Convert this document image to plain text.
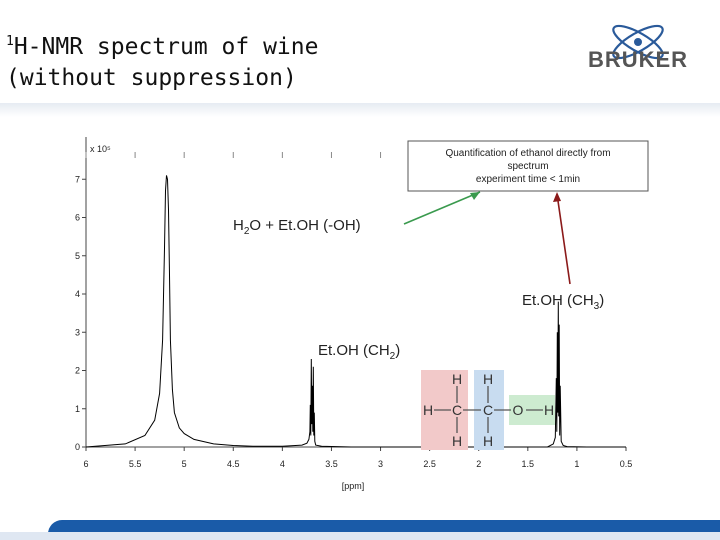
$^1$H-NMR spectrum of wine
(without suppression)
BRUKER
6	5.5	5	4.5	4	3.5	3	2.5	2	1.5	1	0.5
0
1
2
3
4
5
6
7
x 10⁵
[ppm]
Quantification of ethanol directly from
spectrum
experiment time < 1min
$H_2O + Et.OH$ (-OH)
Et.OH $(CH_3)$
Et.OH $(CH_2)$
H H
H C C O H
H H
